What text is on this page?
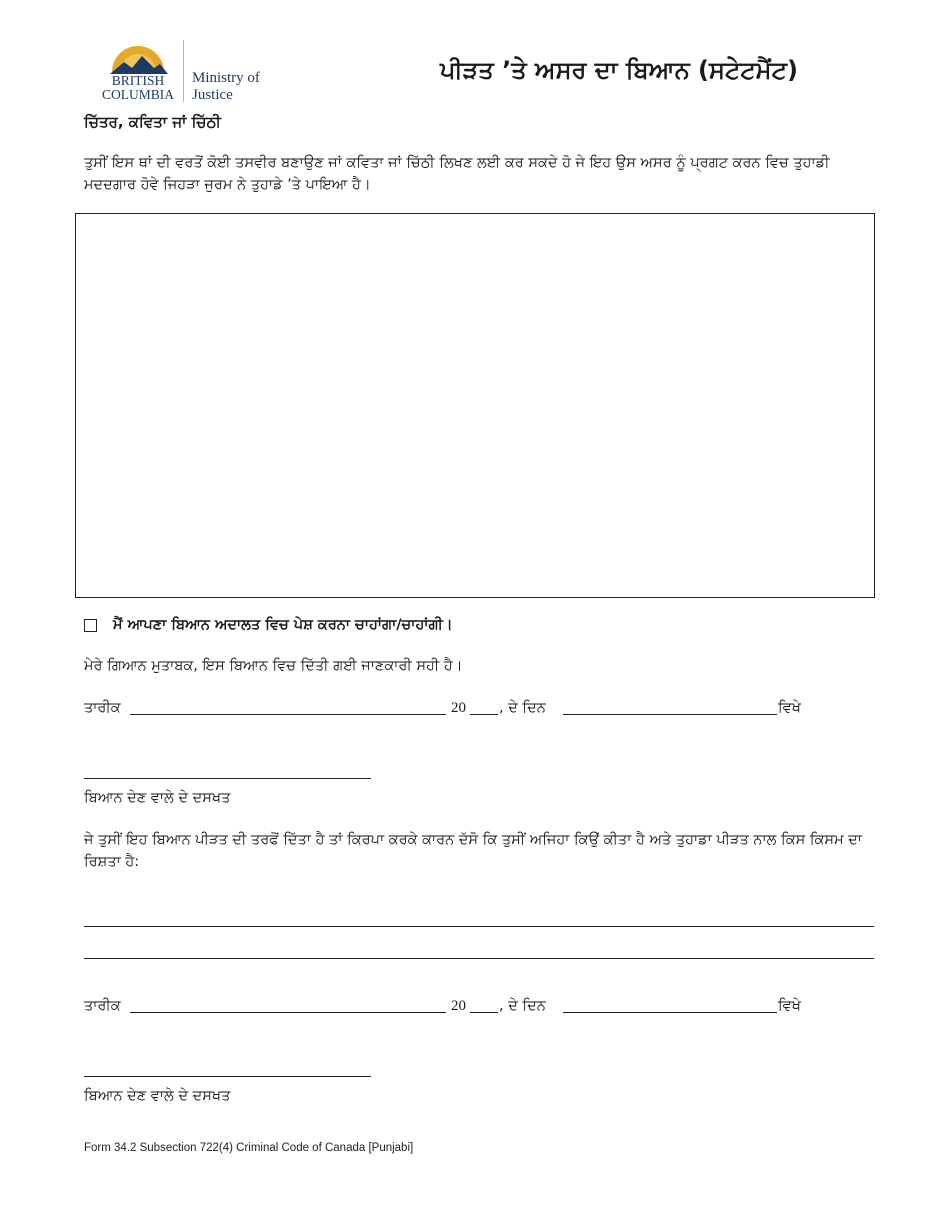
BRITISH
COLUMBIA
Ministry of
Justice
ਪੀੜਤ ’ਤੇ ਅਸਰ ਦਾ ਬਿਆਨ (ਸਟੇਟਮੈਂਟ)
ਚਿੱਤਰ, ਕਵਿਤਾ ਜਾਂ ਚਿੱਠੀ
ਤੁਸੀਂ ਇਸ ਥਾਂ ਦੀ ਵਰਤੋਂ ਕੋਈ ਤਸਵੀਰ ਬਣਾਉਣ ਜਾਂ ਕਵਿਤਾ ਜਾਂ ਚਿੱਠੀ ਲਿਖਣ ਲਈ ਕਰ ਸਕਦੇ ਹੋ ਜੇ ਇਹ ਉਸ ਅਸਰ ਨੂੰ ਪ੍ਰਗਟ ਕਰਨ ਵਿਚ ਤੁਹਾਡੀ ਮਦਦਗਾਰ ਹੋਵੇ ਜਿਹੜਾ ਜੁਰਮ ਨੇ ਤੁਹਾਡੇ ’ਤੇ ਪਾਇਆ ਹੈ।
ਮੈਂ ਆਪਣਾ ਬਿਆਨ ਅਦਾਲਤ ਵਿਚ ਪੇਸ਼ ਕਰਨਾ ਚਾਹਾਂਗਾ/ਚਾਹਾਂਗੀ।
ਮੇਰੇ ਗਿਆਨ ਮੁਤਾਬਕ, ਇਸ ਬਿਆਨ ਵਿਚ ਦਿੱਤੀ ਗਈ ਜਾਣਕਾਰੀ ਸਹੀ ਹੈ।
ਤਾਰੀਕ	20 , ਦੇ ਦਿਨ	ਵਿਖੇ
ਬਿਆਨ ਦੇਣ ਵਾਲੇ ਦੇ ਦਸਖਤ
ਜੇ ਤੁਸੀਂ ਇਹ ਬਿਆਨ ਪੀੜਤ ਦੀ ਤਰਫੋਂ ਦਿੱਤਾ ਹੈ ਤਾਂ ਕਿਰਪਾ ਕਰਕੇ ਕਾਰਨ ਦੱਸੋ ਕਿ ਤੁਸੀਂ ਅਜਿਹਾ ਕਿਉਂ ਕੀਤਾ ਹੈ ਅਤੇ ਤੁਹਾਡਾ ਪੀੜਤ ਨਾਲ ਕਿਸ ਕਿਸਮ ਦਾ ਰਿਸ਼ਤਾ ਹੈ:
ਤਾਰੀਕ	20 , ਦੇ ਦਿਨ	ਵਿਖੇ
ਬਿਆਨ ਦੇਣ ਵਾਲੇ ਦੇ ਦਸਖਤ
Form 34.2 Subsection 722(4) Criminal Code of Canada [Punjabi]
